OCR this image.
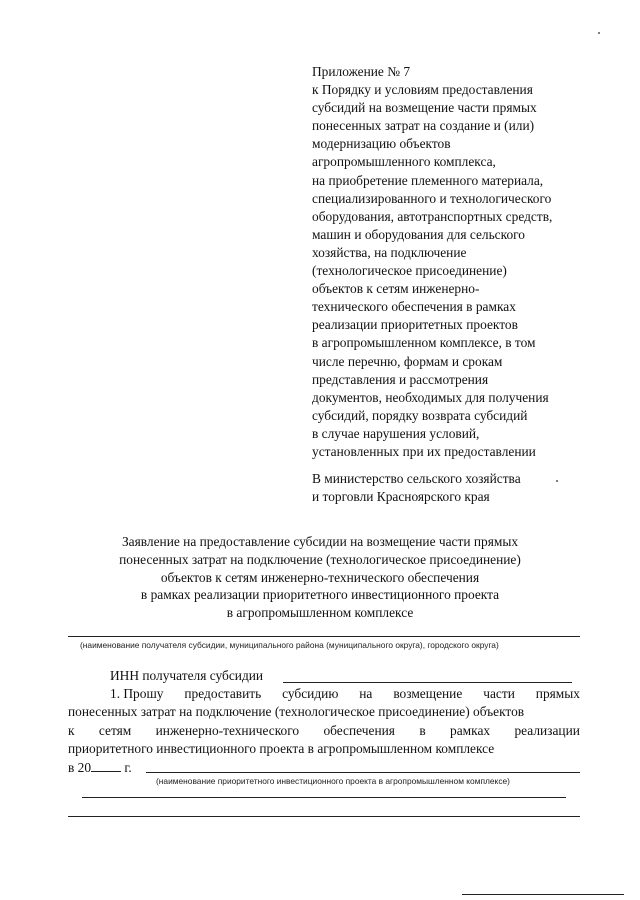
Приложение № 7
к Порядку и условиям предоставления
субсидий на возмещение части прямых
понесенных затрат на создание и (или)
модернизацию объектов
агропромышленного комплекса,
на приобретение племенного материала,
специализированного и технологического
оборудования, автотранспортных средств,
машин и оборудования для сельского
хозяйства, на подключение
(технологическое присоединение)
объектов к сетям инженерно-
технического обеспечения в рамках
реализации приоритетных проектов
в агропромышленном комплексе, в том
числе перечню, формам и срокам
представления и рассмотрения
документов, необходимых для получения
субсидий, порядку возврата субсидий
в случае нарушения условий,
установленных при их предоставлении
В министерство сельского хозяйства
и торговли Красноярского края
Заявление на предоставление субсидии на возмещение части прямых
понесенных затрат на подключение (технологическое присоединение)
объектов к сетям инженерно-технического обеспечения
в рамках реализации приоритетного инвестиционного проекта
в агропромышленном комплексе
(наименование получателя субсидии, муниципального района (муниципального округа), городского округа)
ИНН получателя субсидии
1. Прошу предоставить субсидию на возмещение части прямых
понесенных затрат на подключение (технологическое присоединение) объектов
к сетям инженерно-технического обеспечения в рамках реализации
приоритетного инвестиционного проекта в агропромышленном комплексе
в 20 г.
(наименование приоритетного инвестиционного проекта в агропромышленном комплексе)
